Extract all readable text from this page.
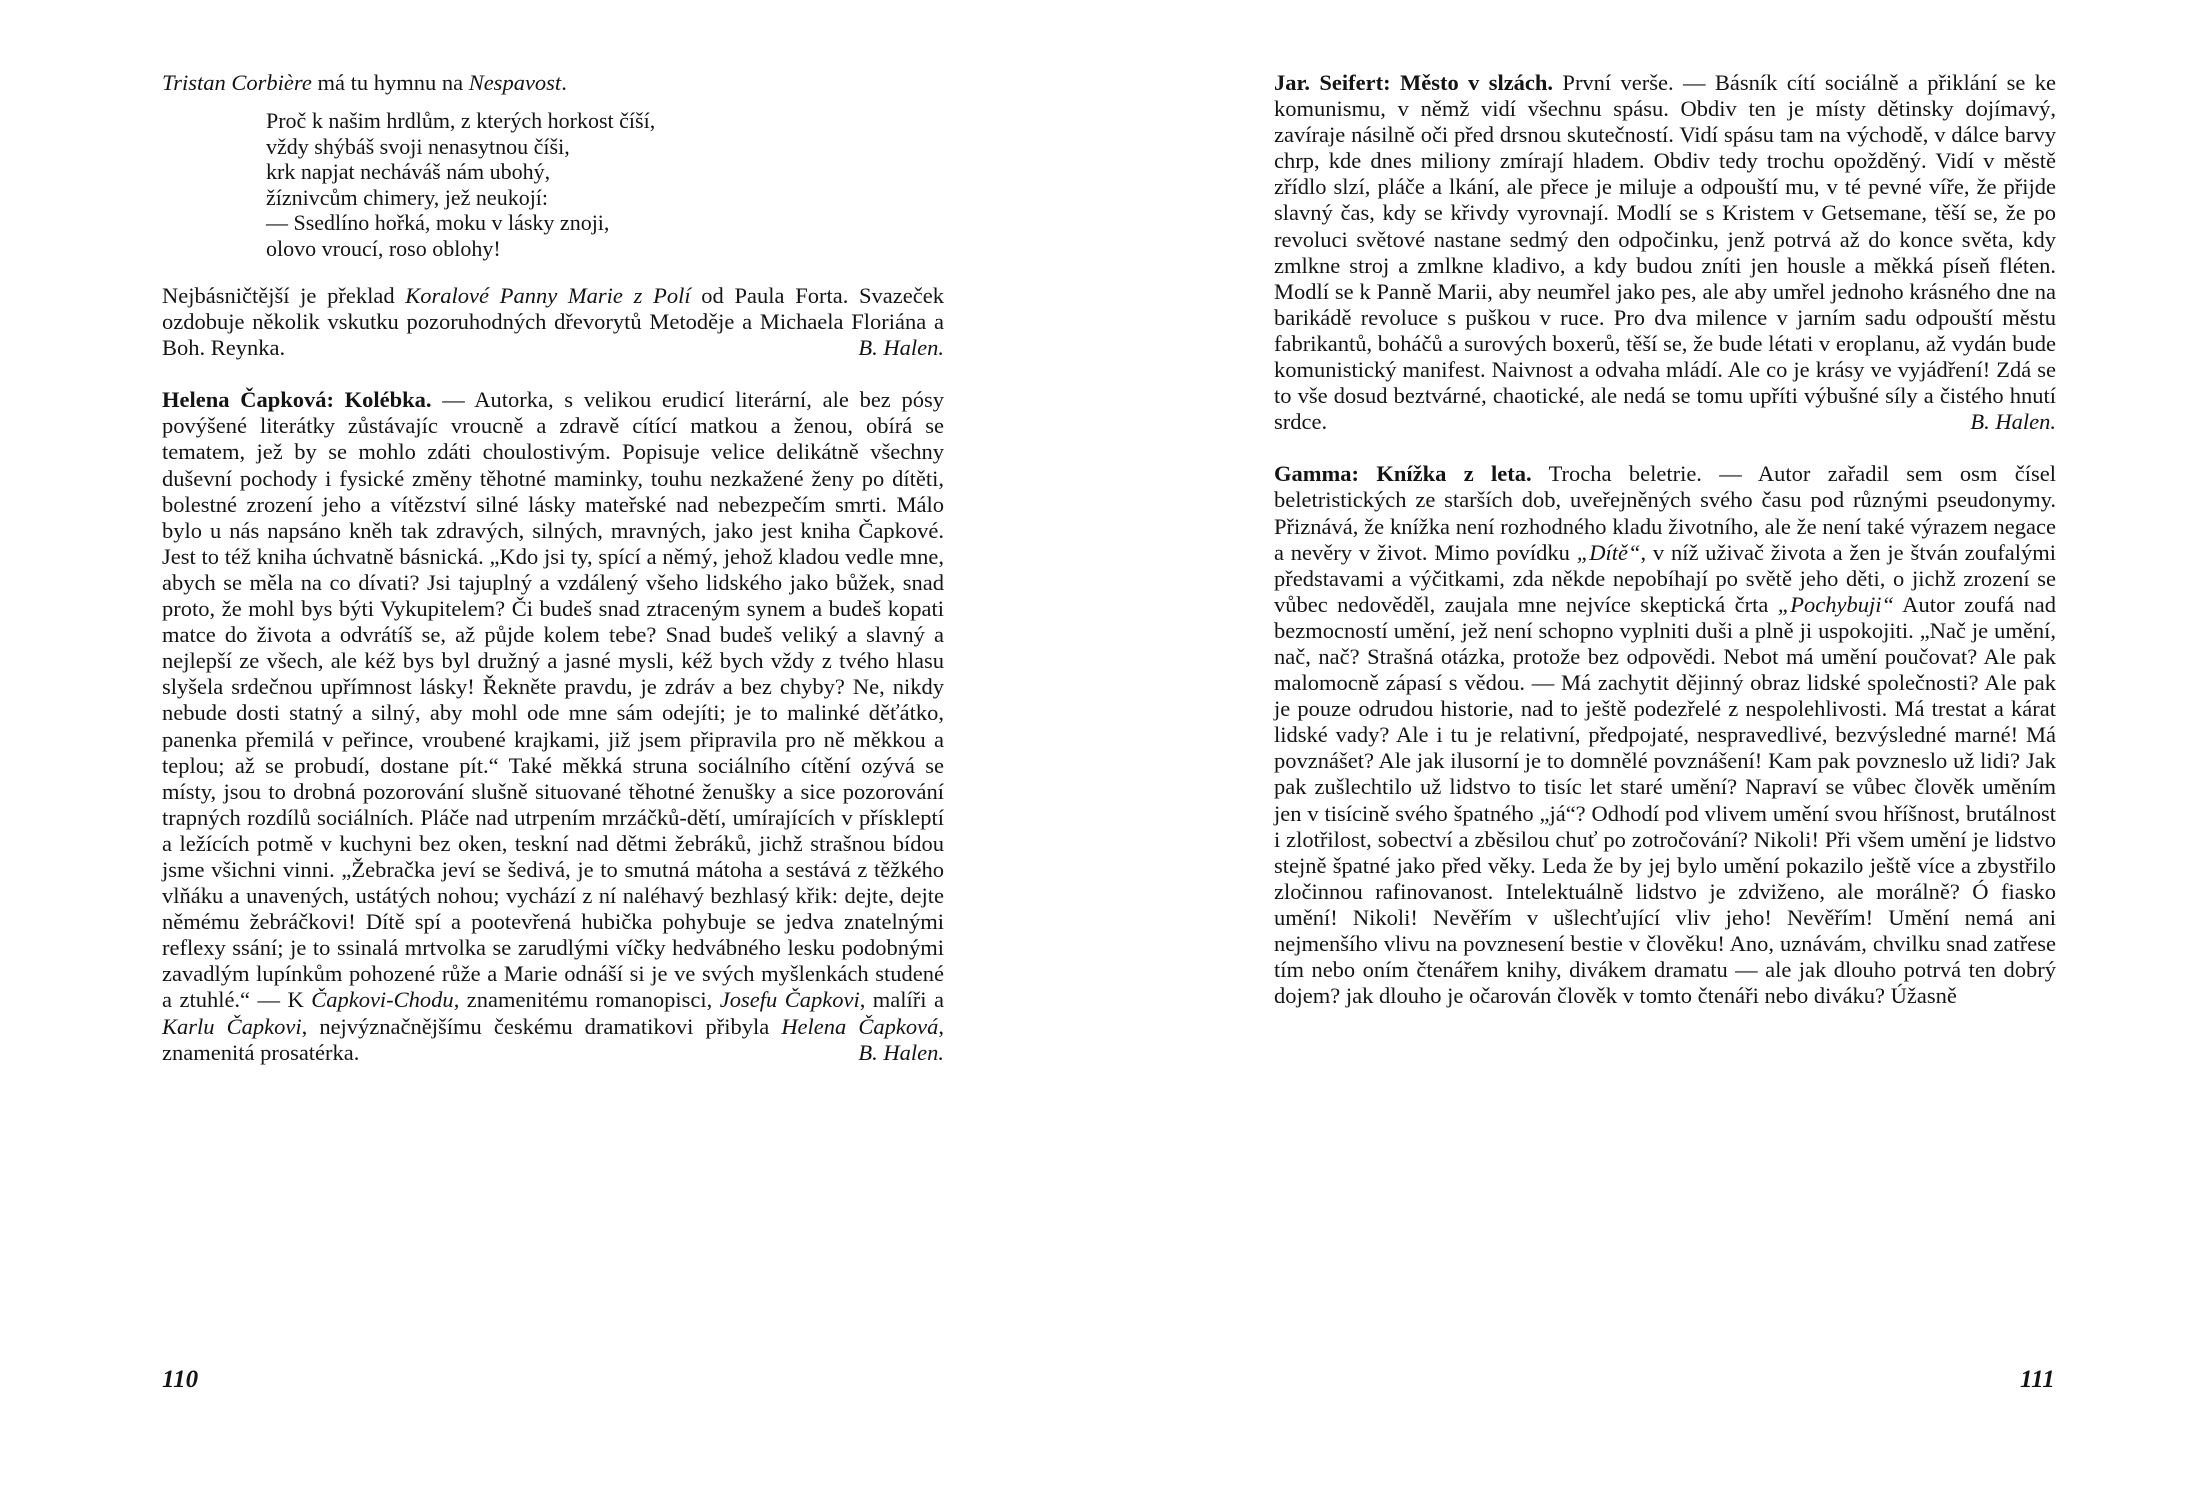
Tristan Corbière má tu hymnu na Nespavost.
Proč k našim hrdlům, z kterých horkost číší,
vždy shýbáš svoji nenasytnou číši,
krk napjat necháváš nám ubohý,
žíznivcům chimery, jež neukojí:
— Ssedlíno hořká, moku v lásky znoji,
olovo vroucí, roso oblohy!

Nejbásničtější je překlad Koralové Panny Marie z Polí od Paula Forta. Svazeček ozdobuje několik vskutku pozoruhodných dřevorytů Metoděje a Michaela Floriána a Boh. Reynka.	B. Halen.

Helena Čapková: Kolébka. — Autorka, s velikou erudicí literární, ale bez pósy povýšené literátky zůstávajíc vroucně a zdravě cítící matkou a ženou, obírá se tematem, jež by se mohlo zdáti choulostivým. Popisuje velice delikátně všechny duševní pochody i fysické změny těhotné maminky, touhu nezkažené ženy po dítěti, bolestné zrození jeho a vítězství silné lásky mateřské nad nebezpečím smrti. Málo bylo u nás napsáno kněh tak zdravých, silných, mravných, jako jest kniha Čapkové. Jest to též kniha úchvatně básnická. „Kdo jsi ty, spící a němý, jehož kladou vedle mne, abych se měla na co dívati? Jsi tajuplný a vzdálený všeho lidského jako bůžek, snad proto, že mohl bys býti Vykupitelem? Či budeš snad ztraceným synem a budeš kopati matce do života a odvrátíš se, až půjde kolem tebe? Snad budeš veliký a slavný a nejlepší ze všech, ale kéž bys byl družný a jasné mysli, kéž bych vždy z tvého hlasu slyšela srdečnou upřímnost lásky! Řekněte pravdu, je zdráv a bez chyby? Ne, nikdy nebude dosti statný a silný, aby mohl ode mne sám odejíti; je to malinké děťátko, panenka přemilá v peřince, vroubené krajkami, již jsem připravila pro ně měkkou a teplou; až se probudí, dostane pít.“ Také měkká struna sociálního cítění ozývá se místy, jsou to drobná pozorování slušně situované těhotné ženušky a sice pozorování trapných rozdílů sociálních. Pláče nad utrpením mrzáčků-dětí, umírajících v přískleptí a ležících potmě v kuchyni bez oken, teskní nad dětmi žebráků, jichž strašnou bídou jsme všichni vinni. „Žebračka jeví se šedivá, je to smutná mátoha a sestává z těžkého vlňáku a unavených, ustátých nohou; vychází z ní naléhavý bezhlasý křik: dejte, dejte němému žebráčkovi! Dítě spí a pootevřená hubička pohybuje se jedva znatelnými reflexy ssání; je to ssinalá mrtvolka se zarudlými víčky hedvábného lesku podobnými zavadlým lupínkům pohozené růže a Marie odnáší si je ve svých myšlenkách studené a ztuhlé.“ — K Čapkovi-Chodu, znamenitému romanopisci, Josefu Čapkovi, malíři a Karlu Čapkovi, nejvýznačnějšímu českému dramatikovi přibyla Helena Čapková, znamenitá prosatérka.	B. Halen.

110

Jar. Seifert: Město v slzách. První verše. — Básník cítí sociálně a přiklání se ke komunismu, v němž vidí všechnu spásu. Obdiv ten je místy dětinsky dojímavý, zavíraje násilně oči před drsnou skutečností. Vidí spásu tam na východě, v dálce barvy chrp, kde dnes miliony zmírají hladem. Obdiv tedy trochu opožděný. Vidí v městě zřídlo slzí, pláče a lkání, ale přece je miluje a odpouští mu, v té pevné víře, že přijde slavný čas, kdy se křivdy vyrovnají. Modlí se s Kristem v Getsemane, těší se, že po revoluci světové nastane sedmý den odpočinku, jenž potrvá až do konce světa, kdy zmlkne stroj a zmlkne kladivo, a kdy budou zníti jen housle a měkká píseň fléten. Modlí se k Panně Marii, aby neumřel jako pes, ale aby umřel jednoho krásného dne na barikádě revoluce s puškou v ruce. Pro dva milence v jarním sadu odpouští městu fabrikantů, boháčů a surových boxerů, těší se, že bude létati v eroplanu, až vydán bude komunistický manifest. Naivnost a odvaha mládí. Ale co je krásy ve vyjádření! Zdá se to vše dosud beztvárné, chaotické, ale nedá se tomu upříti výbušné síly a čistého hnutí srdce.	B. Halen.

Gamma: Knížka z leta. Trocha beletrie. — Autor zařadil sem osm čísel beletristických ze starších dob, uveřejněných svého času pod různými pseudonymy. Přiznává, že knížka není rozhodného kladu životního, ale že není také výrazem negace a nevěry v život. Mimo povídku „Dítě“, v níž uživač života a žen je štván zoufalými představami a výčitkami, zda někde nepobíhají po světě jeho děti, o jichž zrození se vůbec nedověděl, zaujala mne nejvíce skeptická črta „Pochybuji“ Autor zoufá nad bezmocností umění, jež není schopno vyplniti duši a plně ji uspokojiti. „Nač je umění, nač, nač? Strašná otázka, protože bez odpovědi. Nebot má umění poučovat? Ale pak malomocně zápasí s vědou. — Má zachytit dějinný obraz lidské společnosti? Ale pak je pouze odrudou historie, nad to ještě podezřelé z nespolehlivosti. Má trestat a kárat lidské vady? Ale i tu je relativní, předpojaté, nespravedlivé, bezvýsledné marné! Má povznášet? Ale jak ilusorní je to domnělé povznášení! Kam pak povzneslo už lidi? Jak pak zušlechtilo už lidstvo to tisíc let staré umění? Napraví se vůbec člověk uměním jen v tisícině svého špatného „já“? Odhodí pod vlivem umění svou hříšnost, brutálnost i zlotřilost, sobectví a zběsilou chuť po zotročování? Nikoli! Při všem umění je lidstvo stejně špatné jako před věky. Leda že by jej bylo umění pokazilo ještě více a zbystřilo zločinnou rafinovanost. Intelektuálně lidstvo je zdviženo, ale morálně? Ó fiasko umění! Nikoli! Nevěřím v ušlechťující vliv jeho! Nevěřím! Umění nemá ani nejmenšího vlivu na povznesení bestie v člověku! Ano, uznávám, chvilku snad zatřese tím nebo oním čtenářem knihy, divákem dramatu — ale jak dlouho potrvá ten dobrý dojem? jak dlouho je očarován člověk v tomto čtenáři nebo diváku? Úžasně

111
